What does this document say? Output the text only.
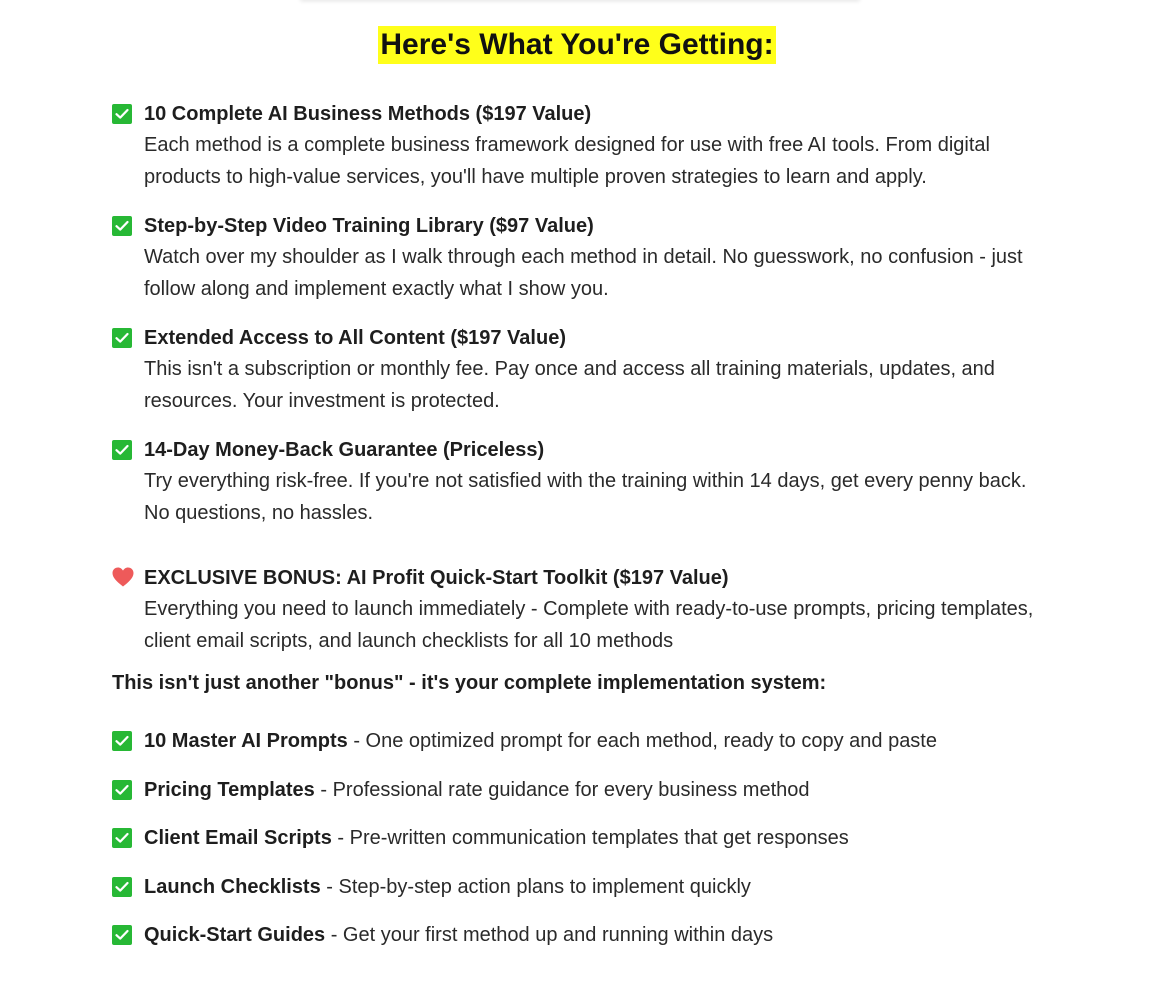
Here's What You're Getting:
10 Complete AI Business Methods ($197 Value)
Each method is a complete business framework designed for use with free AI tools. From digital products to high-value services, you'll have multiple proven strategies to learn and apply.
Step-by-Step Video Training Library ($97 Value)
Watch over my shoulder as I walk through each method in detail. No guesswork, no confusion - just follow along and implement exactly what I show you.
Extended Access to All Content ($197 Value)
This isn't a subscription or monthly fee. Pay once and access all training materials, updates, and resources. Your investment is protected.
14-Day Money-Back Guarantee (Priceless)
Try everything risk-free. If you're not satisfied with the training within 14 days, get every penny back. No questions, no hassles.
EXCLUSIVE BONUS: AI Profit Quick-Start Toolkit ($197 Value)
Everything you need to launch immediately - Complete with ready-to-use prompts, pricing templates, client email scripts, and launch checklists for all 10 methods
This isn't just another "bonus" - it's your complete implementation system:
10 Master AI Prompts - One optimized prompt for each method, ready to copy and paste
Pricing Templates - Professional rate guidance for every business method
Client Email Scripts - Pre-written communication templates that get responses
Launch Checklists - Step-by-step action plans to implement quickly
Quick-Start Guides - Get your first method up and running within days
